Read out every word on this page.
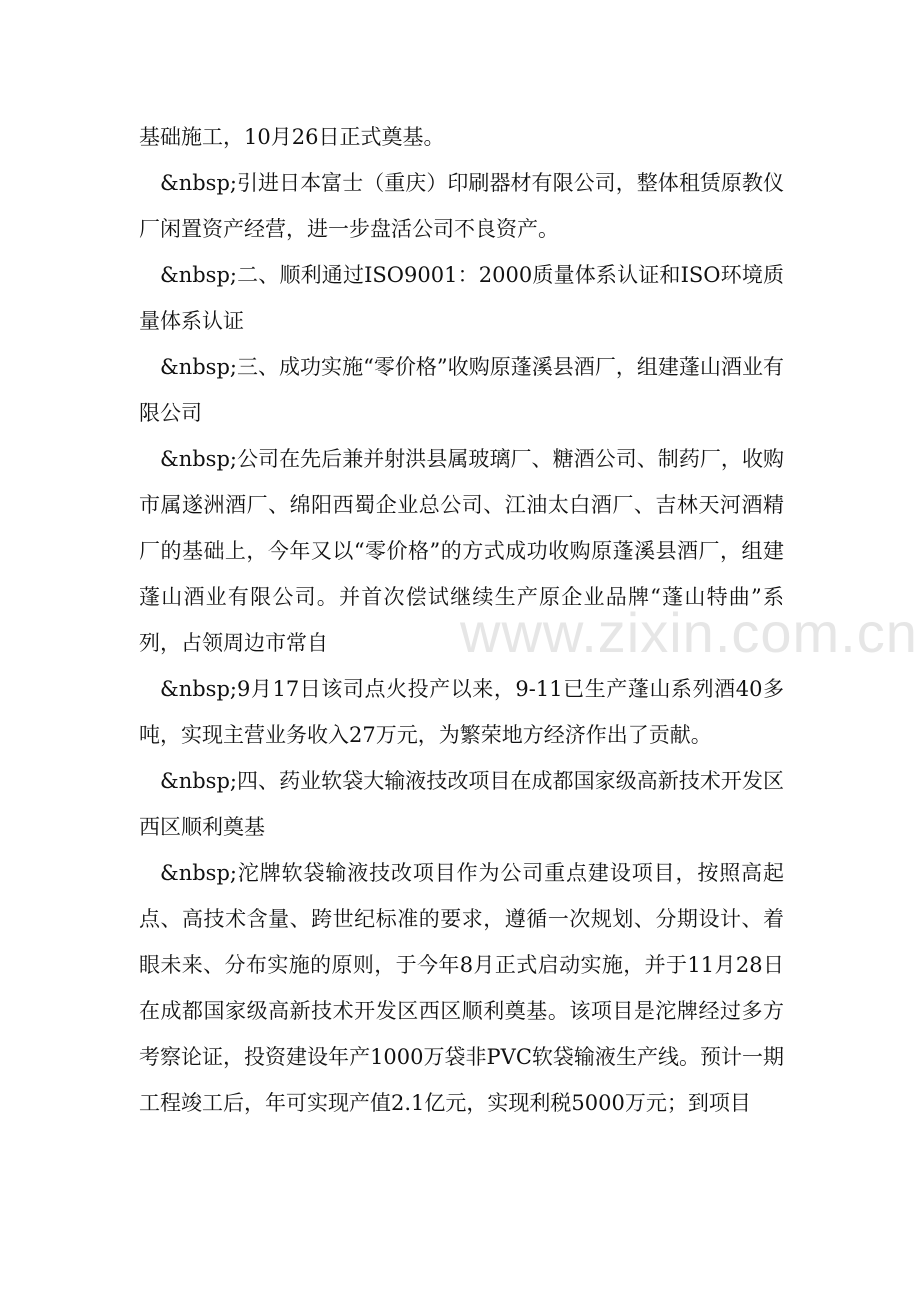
www.zixin.com.cn

基础施工，10月26日正式奠基。

&nbsp;引进日本富士（重庆）印刷器材有限公司，整体租赁原教仪厂闲置资产经营，进一步盘活公司不良资产。

&nbsp;二、顺利通过ISO9001：2000质量体系认证和ISO环境质量体系认证

&nbsp;三、成功实施“零价格”收购原蓬溪县酒厂，组建蓬山酒业有限公司

&nbsp;公司在先后兼并射洪县属玻璃厂、糖酒公司、制药厂，收购市属遂洲酒厂、绵阳西蜀企业总公司、江油太白酒厂、吉林天河酒精厂的基础上，今年又以“零价格”的方式成功收购原蓬溪县酒厂，组建蓬山酒业有限公司。并首次偿试继续生产原企业品牌“蓬山特曲”系列，占领周边市常自

&nbsp;9月17日该司点火投产以来，9-11已生产蓬山系列酒40多吨，实现主营业务收入27万元，为繁荣地方经济作出了贡献。

&nbsp;四、药业软袋大输液技改项目在成都国家级高新技术开发区西区顺利奠基

&nbsp;沱牌软袋输液技改项目作为公司重点建设项目，按照高起点、高技术含量、跨世纪标准的要求，遵循一次规划、分期设计、着眼未来、分布实施的原则，于今年8月正式启动实施，并于11月28日在成都国家级高新技术开发区西区顺利奠基。该项目是沱牌经过多方考察论证，投资建设年产1000万袋非PVC软袋输液生产线。预计一期工程竣工后，年可实现产值2.1亿元，实现利税5000万元；到项目
